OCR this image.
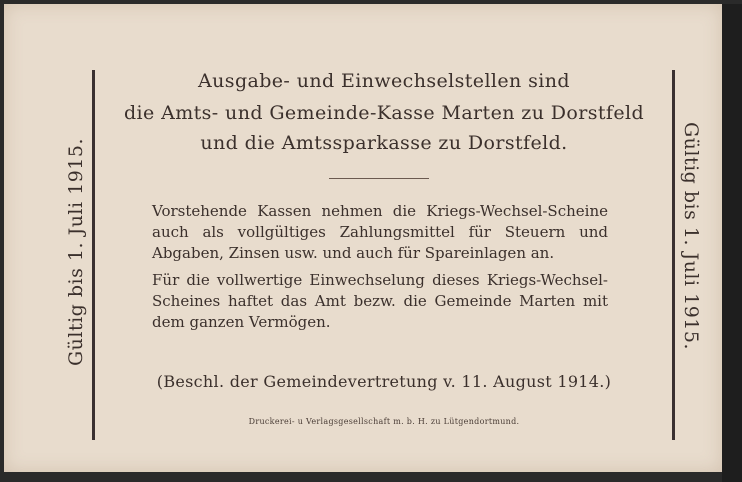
Gültig bis 1. Juli 1915.	Gültig bis 1. Juli 1915.
Ausgabe- und Einwechselstellen sind
die Amts- und Gemeinde-Kasse Marten zu Dorstfeld
und die Amtssparkasse zu Dorstfeld.
Vorstehende Kassen nehmen die Kriegs-Wechsel-Scheine auch als vollgültiges Zahlungsmittel für Steuern und Abgaben, Zinsen usw. und auch für Spareinlagen an.
Für die vollwertige Einwechselung dieses Kriegs-Wechsel-Scheines haftet das Amt bezw. die Gemeinde Marten mit dem ganzen Vermögen.
(Beschl. der Gemeindevertretung v. 11. August 1914.)
Druckerei- u Verlagsgesellschaft m. b. H. zu Lütgendortmund.
